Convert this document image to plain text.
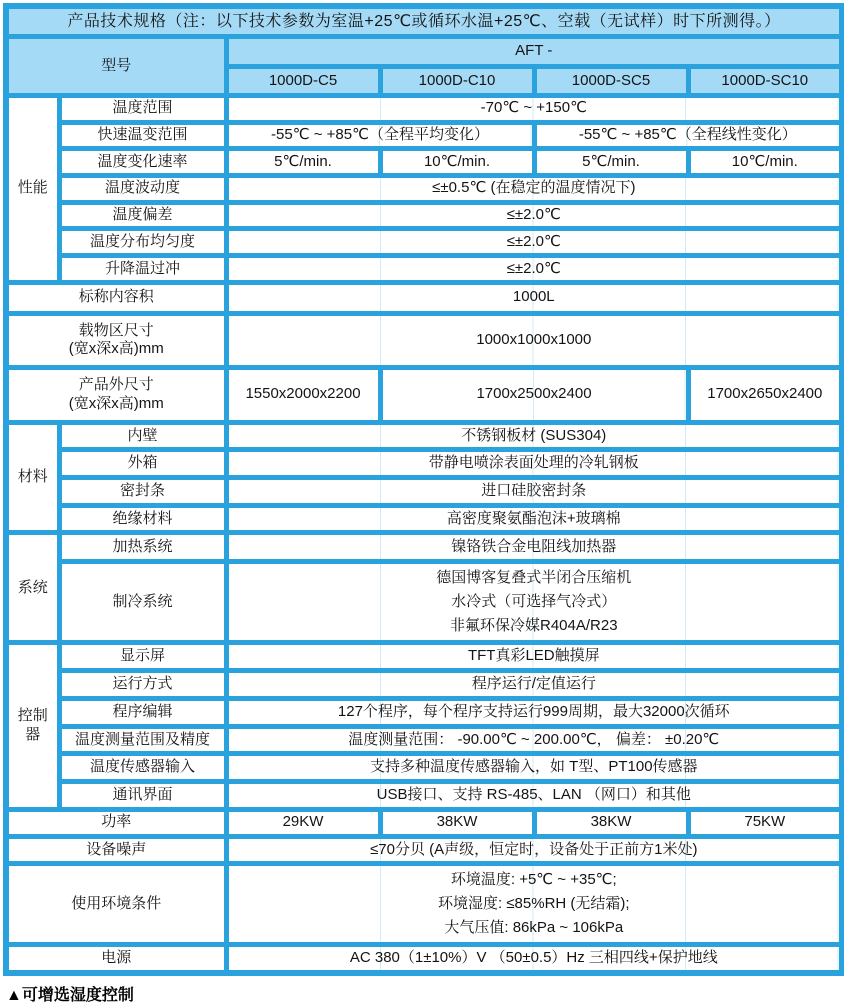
产品技术规格（注：以下技术参数为室温+25℃或循环水温+25℃、空载（无试样）时下所测得。）					
型号		AFT -			
		1000D-C5	1000D-C10	1000D-SC5	1000D-SC10
性能	温度范围	-70℃ ~ +150℃			
	快速温变范围	-55℃ ~ +85℃（全程平均变化）		-55℃ ~ +85℃（全程线性变化）	
	温度变化速率	5℃/min.	10℃/min.	5℃/min.	10℃/min.
	温度波动度	≤±0.5℃ (在稳定的温度情况下)			
	温度偏差	≤±2.0℃			
	温度分布均匀度	≤±2.0℃			
	升降温过冲	≤±2.0℃			
标称内容积		1000L			

载物区尺寸
(宽x深x高)mm		1000x1000x1000			

产品外尺寸
(宽x深x高)mm		1550x2000x2200	1700x2500x2400		1700x2650x2400
材料	内壁	不锈钢板材 (SUS304)			
	外箱	带静电喷涂表面处理的冷轧钢板			
	密封条	进口硅胶密封条			
	绝缘材料	高密度聚氨酯泡沫+玻璃棉			
系统	加热系统	镍铬铁合金电阻线加热器			
	制冷系统	德国博客复叠式半闭合压缩机
水冷式（可选择气冷式）
非氟环保冷媒R404A/R23			

控制器	显示屏	TFT真彩LED触摸屏			
	运行方式	程序运行/定值运行			
	程序编辑	127个程序，每个程序支持运行999周期，最大32000次循环			
	温度测量范围及精度	温度测量范围： -90.00℃ ~ 200.00℃， 偏差： ±0.20℃			
	温度传感器输入	支持多种温度传感器输入，如 T型、PT100传感器			
	通讯界面	USB接口、支持 RS-485、LAN （网口）和其他			
功率		29KW	38KW	38KW	75KW
设备噪声		≤70分贝 (A声级，恒定时，设备处于正前方1米处)			
使用环境条件		环境温度: +5℃ ~ +35℃;
环境湿度: ≤85%RH (无结霜);
大气压值: 86kPa ~ 106kPa			

电源		AC 380（1±10%）V （50±0.5）Hz 三相四线+保护地线			
▲可增选湿度控制
